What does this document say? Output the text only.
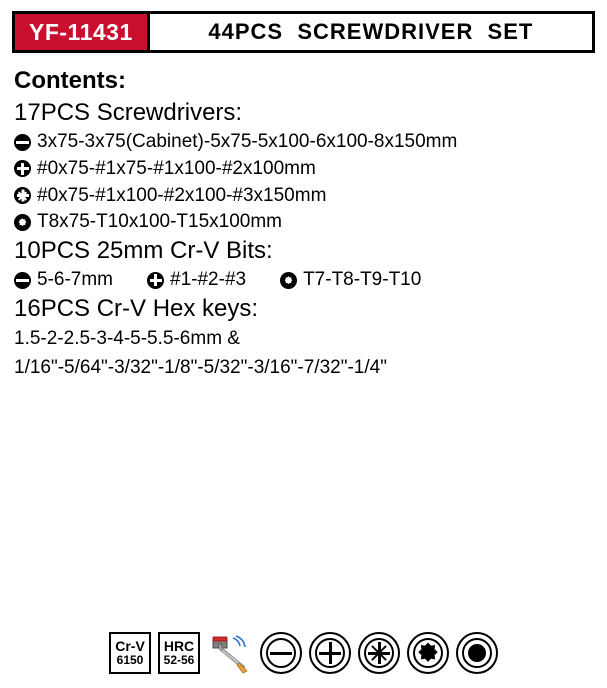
YF-11431	44PCS  SCREWDRIVER  SET
Contents:
17PCS Screwdrivers:
3x75-3x75(Cabinet)-5x75-5x100-6x100-8x150mm
#0x75-#1x75-#1x100-#2x100mm
#0x75-#1x100-#2x100-#3x150mm
T8x75-T10x100-T15x100mm
10PCS 25mm Cr-V Bits:
5-6-7mm	#1-#2-#3	T7-T8-T9-T10
16PCS Cr-V Hex keys:
1.5-2-2.5-3-4-5-5.5-6mm &
1/16"-5/64"-3/32"-1/8"-5/32"-3/16"-7/32"-1/4"
Cr-V
6150
HRC
52-56
